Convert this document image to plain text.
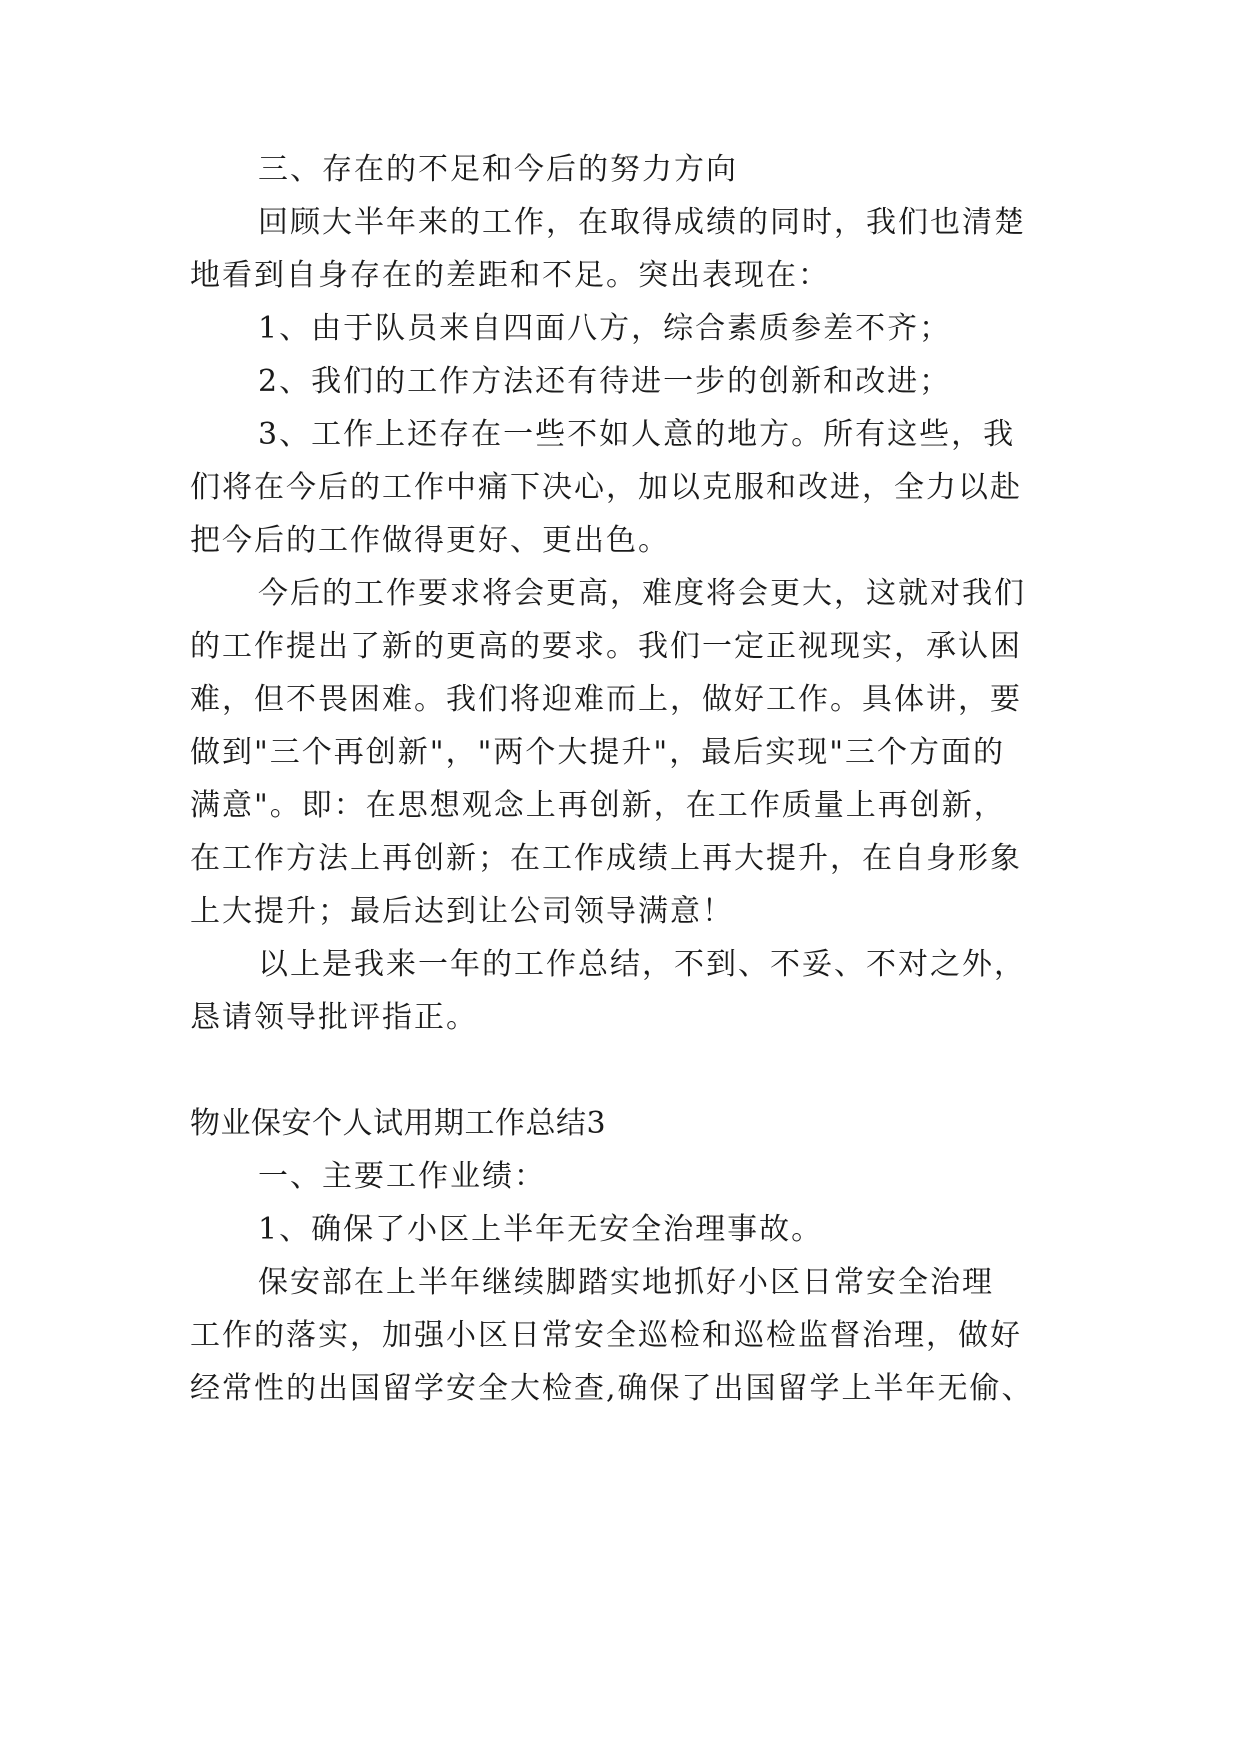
三、存在的不足和今后的努力方向
回顾大半年来的工作，在取得成绩的同时，我们也清楚
地看到自身存在的差距和不足。突出表现在：
1、由于队员来自四面八方，综合素质参差不齐；
2、我们的工作方法还有待进一步的创新和改进；
3、工作上还存在一些不如人意的地方。所有这些，我
们将在今后的工作中痛下决心，加以克服和改进，全力以赴
把今后的工作做得更好、更出色。
今后的工作要求将会更高，难度将会更大，这就对我们
的工作提出了新的更高的要求。我们一定正视现实，承认困
难，但不畏困难。我们将迎难而上，做好工作。具体讲，要
做到"三个再创新"，"两个大提升"，最后实现"三个方面的
满意"。即：在思想观念上再创新，在工作质量上再创新，
在工作方法上再创新；在工作成绩上再大提升，在自身形象
上大提升；最后达到让公司领导满意！
以上是我来一年的工作总结，不到、不妥、不对之外，
恳请领导批评指正。
物业保安个人试用期工作总结3
一、主要工作业绩：
1、确保了小区上半年无安全治理事故。
保安部在上半年继续脚踏实地抓好小区日常安全治理
工作的落实，加强小区日常安全巡检和巡检监督治理，做好
经常性的出国留学安全大检查,确保了出国留学上半年无偷、
